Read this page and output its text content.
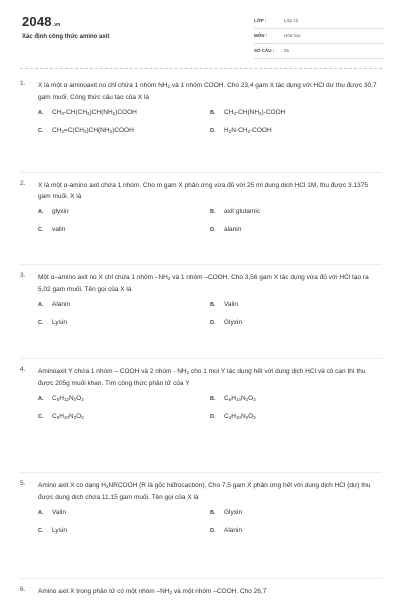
2048.vn
Xác định công thức amino axit
LỚP :	Lớp 12
MÔN :	Hóa học
SỐ CÂU : 25
1. X là một α aminoaxit no chỉ chứa 1 nhóm $NH_2$ và 1 nhóm COOH. Cho 23,4 gam X tác dụng với HCl dư thu được 30,7 gam muối. Công thức cấu tạo của X là
A. $CH_3-CH(CH_3)CH(NH_2)COOH$	B. $CH_3-CH(NH_2)$-COOH
C. $CH_2=C(CH_3)CH(NH_2)COOH$	D. $H_2N-CH_2$-COOH
2. X là một α-amino axit chứa 1 nhóm. Cho m gam X phản ứng vừa đủ với 25 ml dung dịch HCl 1M, thu được 3.1375 gam muối. X là
A. glyxin	B. axit glutamic
C. valin	D. alanin
3. Một α–amino axit no X chỉ chứa 1 nhóm $-NH_2$ và 1 nhóm –COOH. Cho 3,56 gam X tác dụng vừa đủ với HCl tạo ra 5,02 gam muối. Tên gọi của X là
A. Alanin	B. Valin
C. Lysin	D. Glyxin
4. Aminoaxit Y chứa 1 nhóm – COOH và 2 nhóm - $NH_2$ cho 1 mol Y tác dụng hết với dung dịch HCl và cô cạn thì thu được 205g muối khan. Tìm công thức phân tử của Y
A. $C_5H_{12}N_2O_2$	B. $C_6H_{14}N_2O_2$
C. $C_5H_{10}N_2O_2$	D. $C_4H_{10}N_2O_2$
5. Amino axit X có dạng $H_2NRCOOH$ (R là gốc hiđrocacbon). Cho 7,5 gam X phản ứng hết với dung dịch HCl (dư) thu được dung dịch chứa 11,15 gam muối. Tên gọi của X là
A. Valin	B. Glyxin
C. Lysin	D. Alanin
6. Amino axit X trong phân tử có một nhóm $-NH_2$ và một nhóm –COOH. Cho 26,7
